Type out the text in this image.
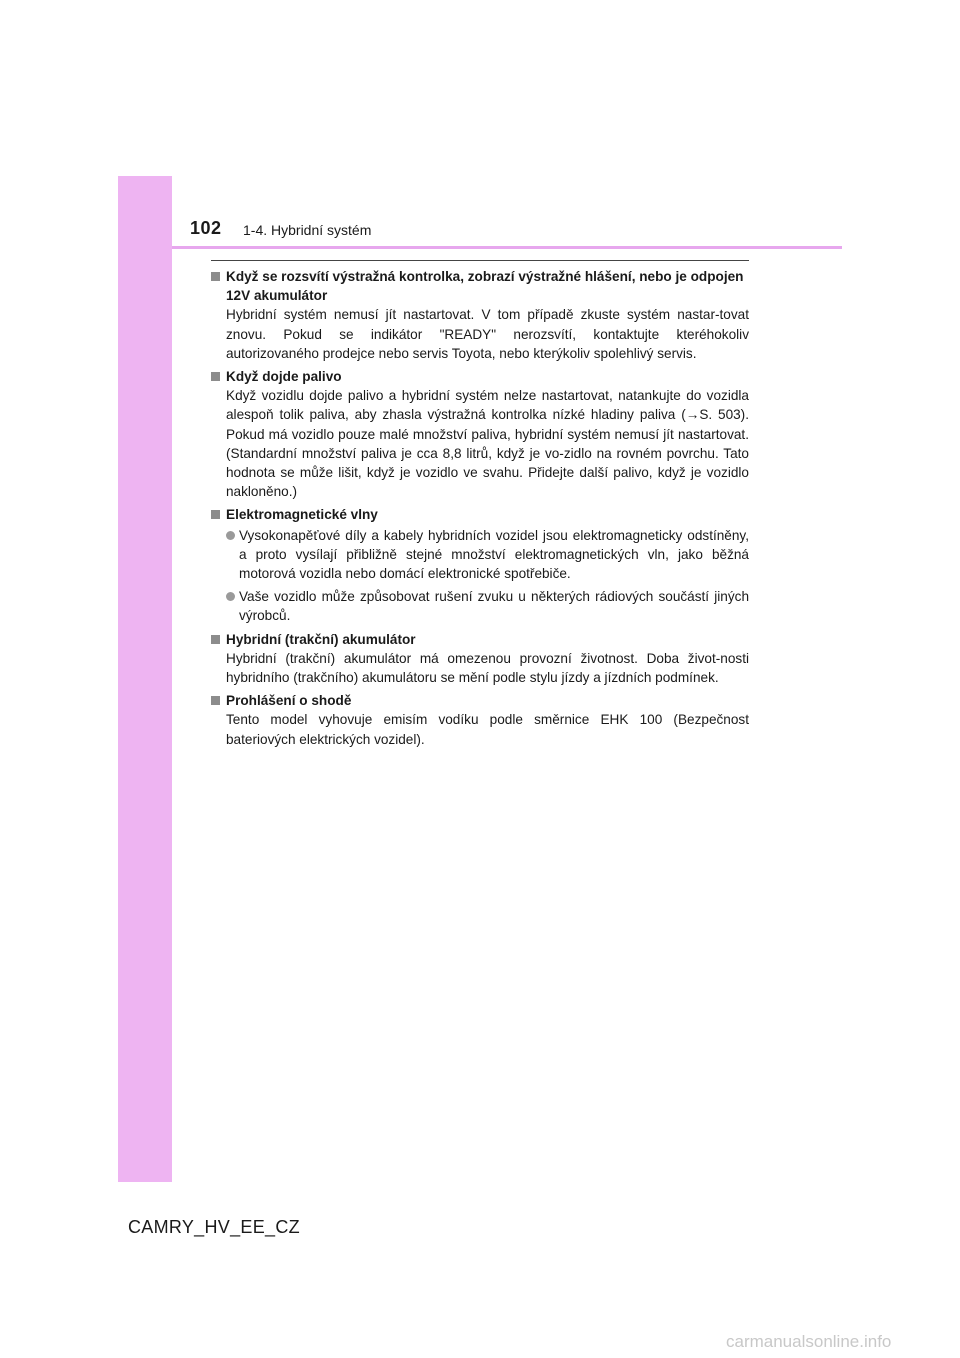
102 1-4. Hybridní systém
Když se rozsvítí výstražná kontrolka, zobrazí výstražné hlášení, nebo je odpojen 12V akumulátor
Hybridní systém nemusí jít nastartovat. V tom případě zkuste systém nastar-tovat znovu. Pokud se indikátor "READY" nerozsvítí, kontaktujte kteréhokoliv autorizovaného prodejce nebo servis Toyota, nebo kterýkoliv spolehlivý servis.
Když dojde palivo
Když vozidlu dojde palivo a hybridní systém nelze nastartovat, natankujte do vozidla alespoň tolik paliva, aby zhasla výstražná kontrolka nízké hladiny paliva (→S. 503). Pokud má vozidlo pouze malé množství paliva, hybridní systém nemusí jít nastartovat. (Standardní množství paliva je cca 8,8 litrů, když je vo-zidlo na rovném povrchu. Tato hodnota se může lišit, když je vozidlo ve svahu. Přidejte další palivo, když je vozidlo nakloněno.)
Elektromagnetické vlny
Vysokonapěťové díly a kabely hybridních vozidel jsou elektromagneticky odstíněny, a proto vysílají přibližně stejné množství elektromagnetických vln, jako běžná motorová vozidla nebo domácí elektronické spotřebiče.
Vaše vozidlo může způsobovat rušení zvuku u některých rádiových součástí jiných výrobců.
Hybridní (trakční) akumulátor
Hybridní (trakční) akumulátor má omezenou provozní životnost. Doba život-nosti hybridního (trakčního) akumulátoru se mění podle stylu jízdy a jízdních podmínek.
Prohlášení o shodě
Tento model vyhovuje emisím vodíku podle směrnice EHK 100 (Bezpečnost bateriových elektrických vozidel).
CAMRY_HV_EE_CZ
carmanualsonline.info
